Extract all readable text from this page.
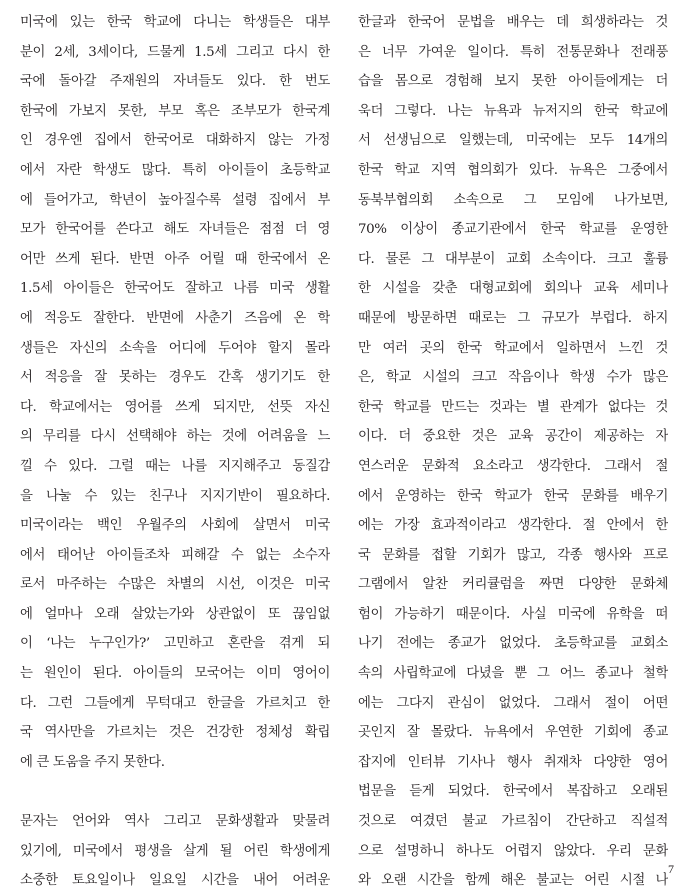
미국에 있는 한국 학교에 다니는 학생들은 대부
분이 2세, 3세이다, 드물게 1.5세 그리고 다시 한
국에 돌아갈 주재원의 자녀들도 있다. 한 번도
한국에 가보지 못한, 부모 혹은 조부모가 한국계
인 경우엔 집에서 한국어로 대화하지 않는 가정
에서 자란 학생도 많다. 특히 아이들이 초등학교
에 들어가고, 학년이 높아질수록 설령 집에서 부
모가 한국어를 쓴다고 해도 자녀들은 점점 더 영
어만 쓰게 된다. 반면 아주 어릴 때 한국에서 온
1.5세 아이들은 한국어도 잘하고 나름 미국 생활
에 적응도 잘한다. 반면에 사춘기 즈음에 온 학
생들은 자신의 소속을 어디에 두어야 할지 몰라
서 적응을 잘 못하는 경우도 간혹 생기기도 한
다. 학교에서는 영어를 쓰게 되지만, 선뜻 자신
의 무리를 다시 선택해야 하는 것에 어려움을 느
낄 수 있다. 그럴 때는 나를 지지해주고 동질감
을 나눌 수 있는 친구나 지지기반이 필요하다.
미국이라는 백인 우월주의 사회에 살면서 미국
에서 태어난 아이들조차 피해갈 수 없는 소수자
로서 마주하는 수많은 차별의 시선, 이것은 미국
에 얼마나 오래 살았는가와 상관없이 또 끊임없
이 ‘나는 누구인가?’ 고민하고 혼란을 겪게 되
는 원인이 된다. 아이들의 모국어는 이미 영어이
다. 그런 그들에게 무턱대고 한글을 가르치고 한
국 역사만을 가르치는 것은 건강한 정체성 확립
에 큰 도움을 주지 못한다.
문자는 언어와 역사 그리고 문화생활과 맞물려
있기에, 미국에서 평생을 살게 될 어린 학생에게
소중한 토요일이나 일요일 시간을 내어 어려운
한글과 한국어 문법을 배우는 데 희생하라는 것
은 너무 가여운 일이다. 특히 전통문화나 전래풍
습을 몸으로 경험해 보지 못한 아이들에게는 더
욱더 그렇다. 나는 뉴욕과 뉴저지의 한국 학교에
서 선생님으로 일했는데, 미국에는 모두 14개의
한국 학교 지역 협의회가 있다. 뉴욕은 그중에서
동북부협의회 소속으로 그 모임에 나가보면,
70% 이상이 종교기관에서 한국 학교를 운영한
다. 물론 그 대부분이 교회 소속이다. 크고 훌륭
한 시설을 갖춘 대형교회에 회의나 교육 세미나
때문에 방문하면 때로는 그 규모가 부럽다. 하지
만 여러 곳의 한국 학교에서 일하면서 느낀 것
은, 학교 시설의 크고 작음이나 학생 수가 많은
한국 학교를 만드는 것과는 별 관계가 없다는 것
이다. 더 중요한 것은 교육 공간이 제공하는 자
연스러운 문화적 요소라고 생각한다. 그래서 절
에서 운영하는 한국 학교가 한국 문화를 배우기
에는 가장 효과적이라고 생각한다. 절 안에서 한
국 문화를 접할 기회가 많고, 각종 행사와 프로
그램에서 알찬 커리큘럼을 짜면 다양한 문화체
험이 가능하기 때문이다. 사실 미국에 유학을 떠
나기 전에는 종교가 없었다. 초등학교를 교회소
속의 사립학교에 다녔을 뿐 그 어느 종교나 철학
에는 그다지 관심이 없었다. 그래서 절이 어떤
곳인지 잘 몰랐다. 뉴욕에서 우연한 기회에 종교
잡지에 인터뷰 기사나 행사 취재차 다양한 영어
법문을 듣게 되었다. 한국에서 복잡하고 오래된
것으로 여겼던 불교 가르침이 간단하고 직설적
으로 설명하니 하나도 어렵지 않았다. 우리 문화
와 오랜 시간을 함께 해온 불교는 어린 시절 나
7
